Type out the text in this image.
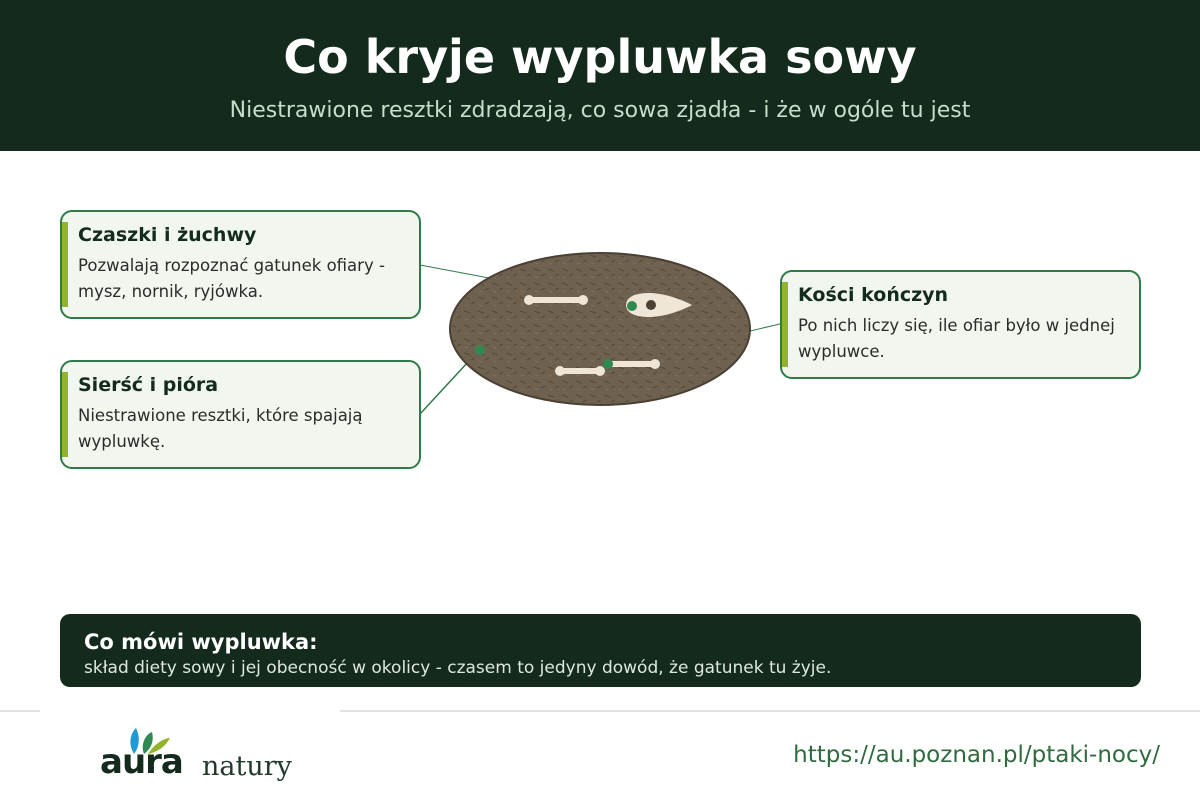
Co kryje wypluwka sowy
Niestrawione resztki zdradzają, co sowa zjadła - i że w ogóle tu jest
Czaszki i żuchwy
Pozwalają rozpoznać gatunek ofiary - mysz, nornik, ryjówka.
Sierść i pióra
Niestrawione resztki, które spajają wypluwkę.
Kości kończyn
Po nich liczy się, ile ofiar było w jednej wypluwce.
Co mówi wypluwka:
skład diety sowy i jej obecność w okolicy - czasem to jedyny dowód, że gatunek tu żyje.
aura natury	https://au.poznan.pl/ptaki-nocy/
